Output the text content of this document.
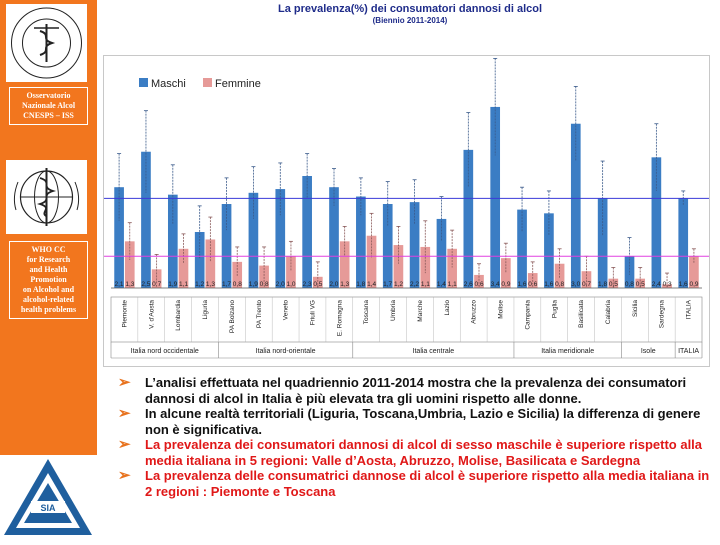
Osservatorio
Nazionale Alcol
CNESPS – ISS
WHO CC
for Research
and Health
Promotion
on Alcohol and
alcohol-related
health problems
SIA
La prevalenza(%) dei consumatori dannosi di alcol
(Biennio 2011-2014)
Maschi	Femmine
2,1 1,3 2,5 0,7 1,9 1,1 1,2 1,3 1,7 0,8 1,9 0,8 2,0 1,0 2,3 0,5 2,0 1,3 1,8 1,4 1,7 1,2 2,2 1,1 1,4 1,1 2,6 0,6 3,4 0,9 1,6 0,6 1,6 0,8 3,0 0,7 1,8 0,5 0,8 0,5 2,4 0,3 1,6 0,9
Piemonte	V. d'Aosta	Lombardia	Liguria	PA Bolzano	PA Trento	Veneto	Friuli VG	E. Romagna	Toscana	Umbria	Marche	Lazio	Abruzzo	Molise	Campania	Puglia	Basilicata	Calabria	Sicilia	Sardegna	ITALIA
Italia nord occidentale	Italia nord-orientale	Italia centrale	Italia meridionale	Isole	ITALIA
➢ L’analisi effettuata nel quadriennio 2011-2014 mostra che la prevalenza dei consumatori dannosi di alcol in Italia è più elevata tra gli uomini rispetto alle donne.
➢ In alcune realtà territoriali (Liguria, Toscana,Umbria, Lazio e Sicilia) la differenza di genere non è significativa.
➢ La prevalenza dei consumatori dannosi di alcol di sesso maschile è superiore rispetto alla media italiana in 5 regioni: Valle d’Aosta, Abruzzo, Molise, Basilicata e Sardegna
➢ La prevalenza delle consumatrici dannose di alcol è superiore rispetto alla media italiana in 2 regioni : Piemonte e Toscana
